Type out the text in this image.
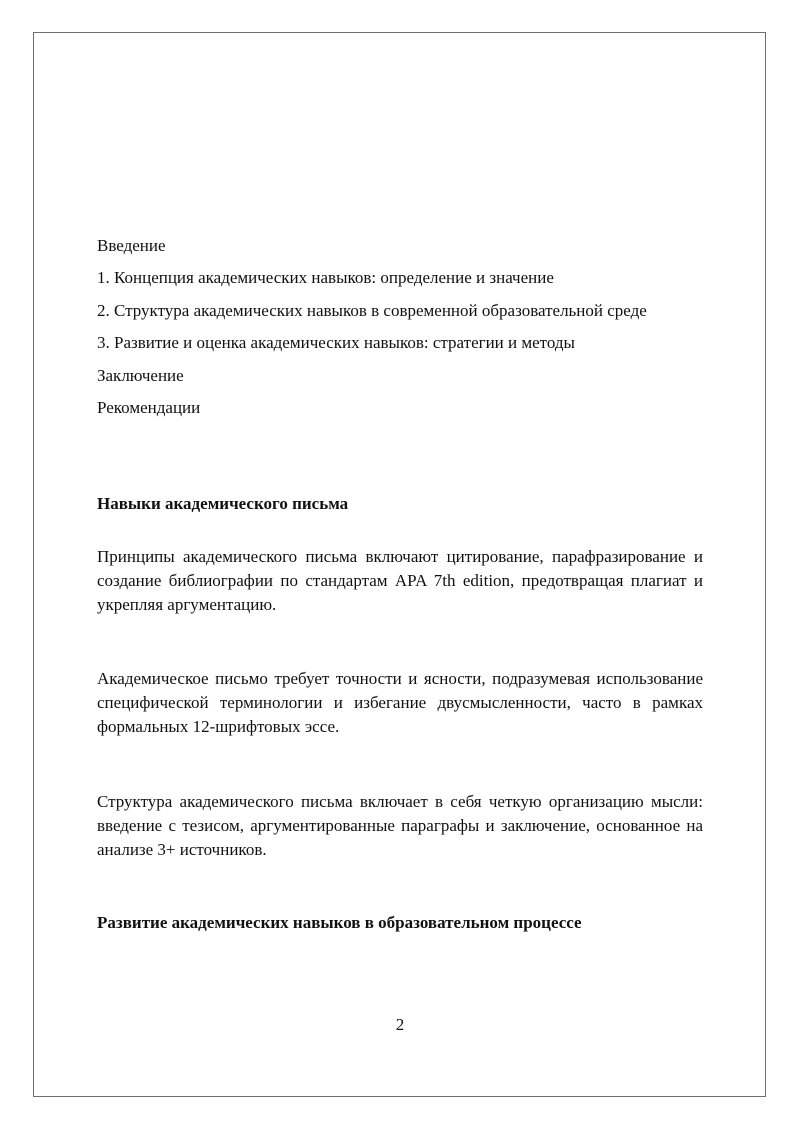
Введение
1. Концепция академических навыков: определение и значение
2. Структура академических навыков в современной образовательной среде
3. Развитие и оценка академических навыков: стратегии и методы
Заключение
Рекомендации
Навыки академического письма

Принципы академического письма включают цитирование, парафразирование и создание библиографии по стандартам APA 7th edition, предотвращая плагиат и укрепляя аргументацию.

Академическое письмо требует точности и ясности, подразумевая использование специфической терминологии и избегание двусмысленности, часто в рамках формальных 12-шрифтовых эссе.

Структура академического письма включает в себя четкую организацию мысли: введение с тезисом, аргументированные параграфы и заключение, основанное на анализе 3+ источников.

Развитие академических навыков в образовательном процессе
2
